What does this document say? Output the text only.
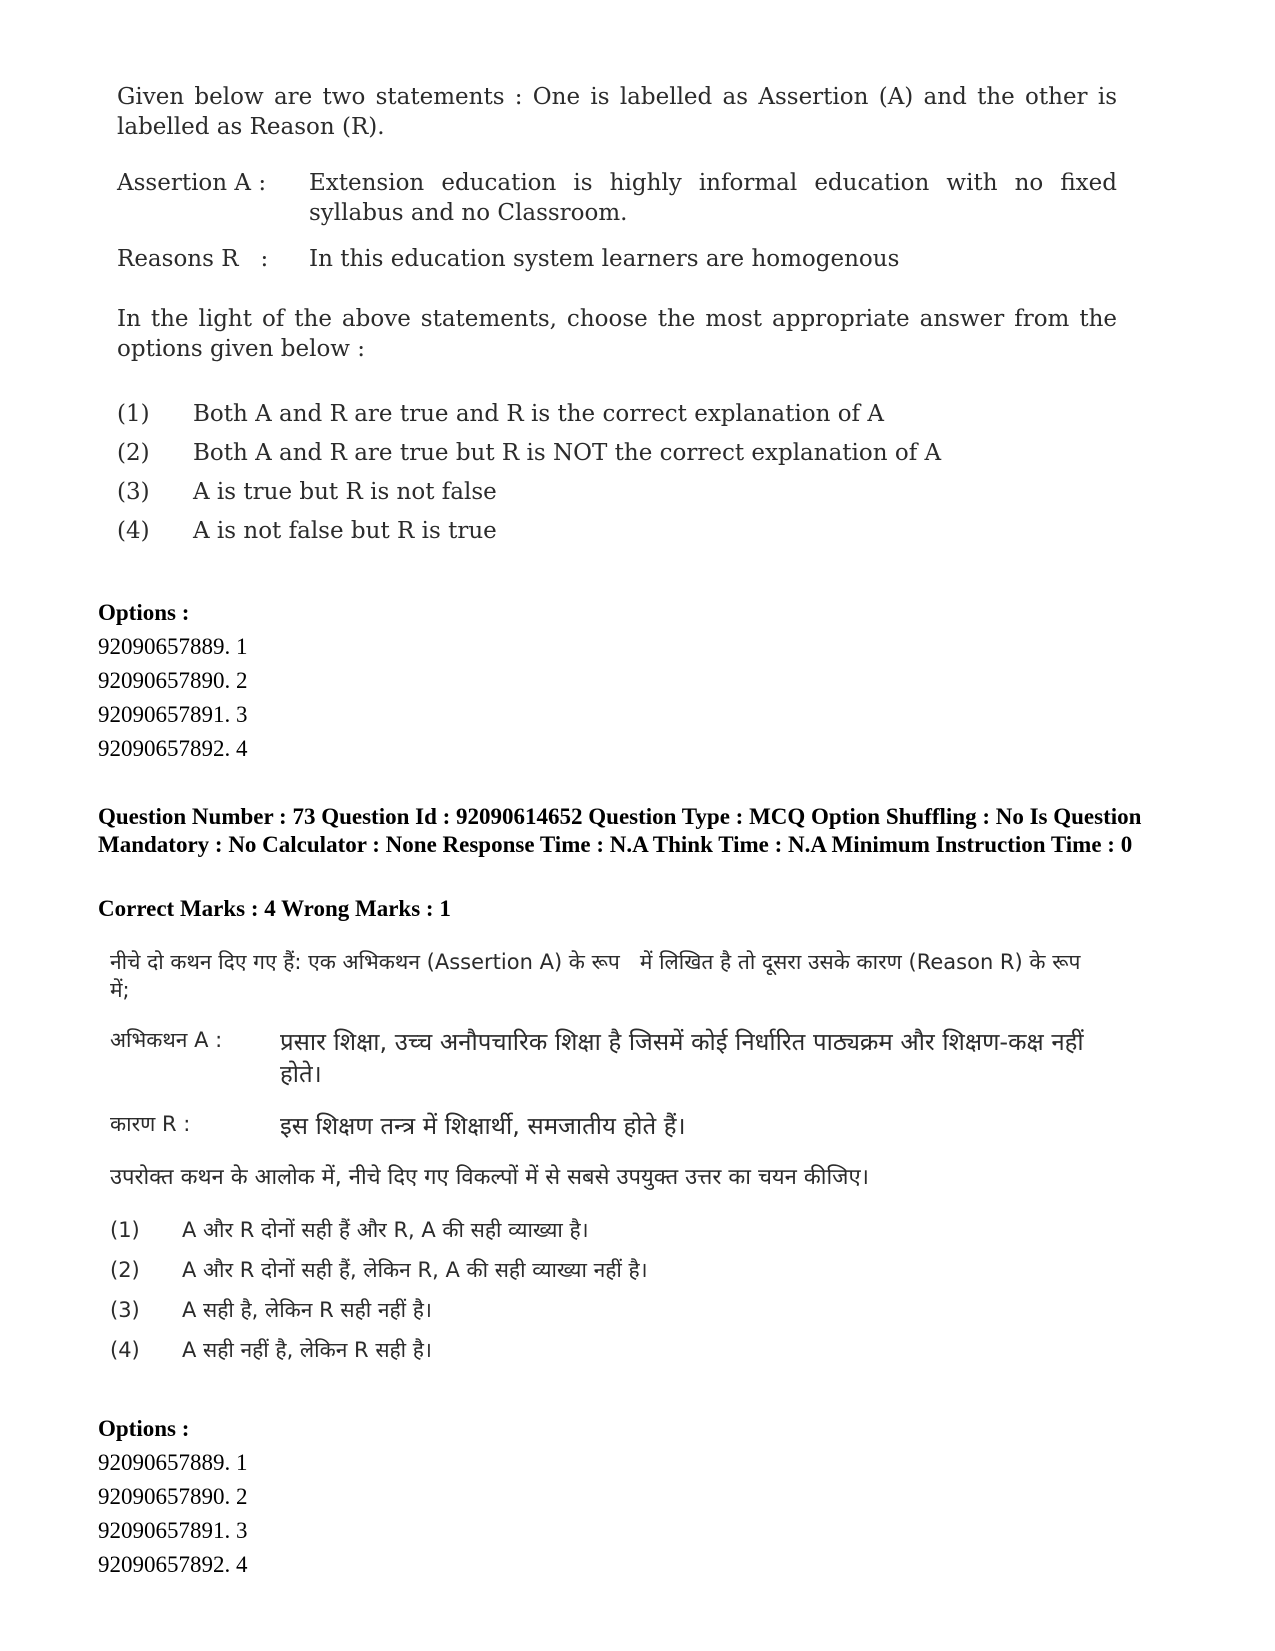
Given below are two statements : One is labelled as Assertion (A) and the other is labelled as Reason (R).
Assertion A :	Extension education is highly informal education with no fixed syllabus and no Classroom.
Reasons R   :	In this education system learners are homogenous
In the light of the above statements, choose the most appropriate answer from the options given below :
(1)	Both A and R are true and R is the correct explanation of A
(2)	Both A and R are true but R is NOT the correct explanation of A
(3)	A is true but R is not false
(4)	A is not false but R is true
Options :
92090657889. 1
92090657890. 2
92090657891. 3
92090657892. 4
Question Number : 73 Question Id : 92090614652 Question Type : MCQ Option Shuffling : No Is Question Mandatory : No Calculator : None Response Time : N.A Think Time : N.A Minimum Instruction Time : 0
Correct Marks : 4 Wrong Marks : 1
नीचे दो कथन दिए गए हैं: एक अभिकथन (Assertion A) के रूप   में लिखित है तो दूसरा उसके कारण (Reason R) के रूप   में;
अभिकथन A :	प्रसार शिक्षा, उच्च अनौपचारिक शिक्षा है जिसमें कोई निर्धारित पाठ्यक्रम और शिक्षण-कक्ष नहीं होते।
कारण R :	इस शिक्षण तन्त्र में शिक्षार्थी, समजातीय होते हैं।
उपरोक्त कथन के आलोक में, नीचे दिए गए विकल्पों में से सबसे उपयुक्त उत्तर का चयन कीजिए।
(1)	A और R दोनों सही हैं और R, A की सही व्याख्या है।
(2)	A और R दोनों सही हैं, लेकिन R, A की सही व्याख्या नहीं है।
(3)	A सही है, लेकिन R सही नहीं है।
(4)	A सही नहीं है, लेकिन R सही है।
Options :
92090657889. 1
92090657890. 2
92090657891. 3
92090657892. 4
